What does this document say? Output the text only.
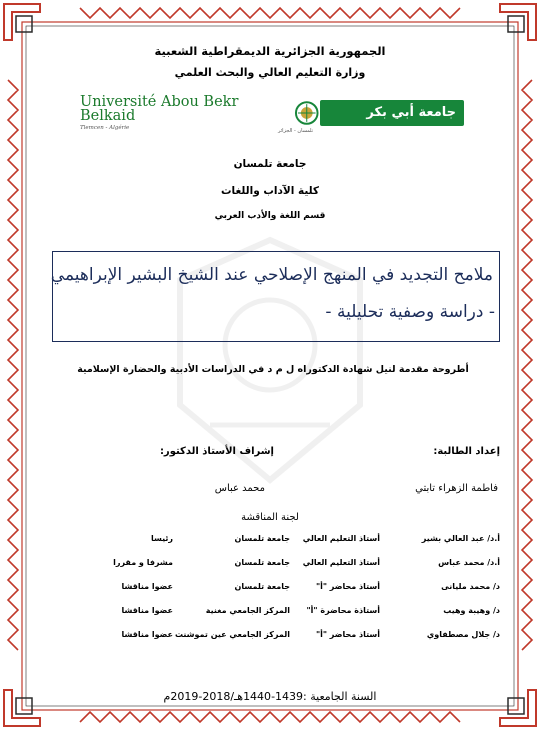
الجمهورية الجزائرية الديمقراطية الشعبية
وزارة التعليم العالي والبحث العلمي
Université Abou Bekr Belkaid
Tlemcen - Algérie
جامعة أبي بكر بلقايد
تلمسان - الجزائر
جامعة تلمسان
كلية الآداب واللغات
قسم اللغة والأدب العربي
ملامح التجديد في المنهج الإصلاحي عند الشيخ البشير الإبراهيمي
- دراسة وصفية تحليلية -
أطروحة مقدمة لنيل شهادة الدكتوراه ل م د في الدراسات الأدبية والحضارة الإسلامية
إعداد الطالبة:
إشراف الأستاذ الدكتور:
فاطمة الزهراء تابتي
محمد عباس
لجنة المناقشة
أ.د/ عبد العالي بشير
أستاذ التعليم العالي
جامعة تلمسان
رئيسا
أ.د/ محمد عباس
أستاذ التعليم العالي
جامعة تلمسان
مشرفا و مقررا
د/ محمد مليانى
أستاذ محاضر "أ"
جامعة تلمسان
عضوا مناقشا
د/ وهيبة وهيب
أستاذة محاضرة "أ"
المركز الجامعي مغنية
عضوا مناقشا
د/ جلال مصطفاوي
أستاذ محاضر "أ"
المركز الجامعي عين تموشنت
عضوا مناقشا
السنة الجامعية :1439-1440هـ/2018-2019م
